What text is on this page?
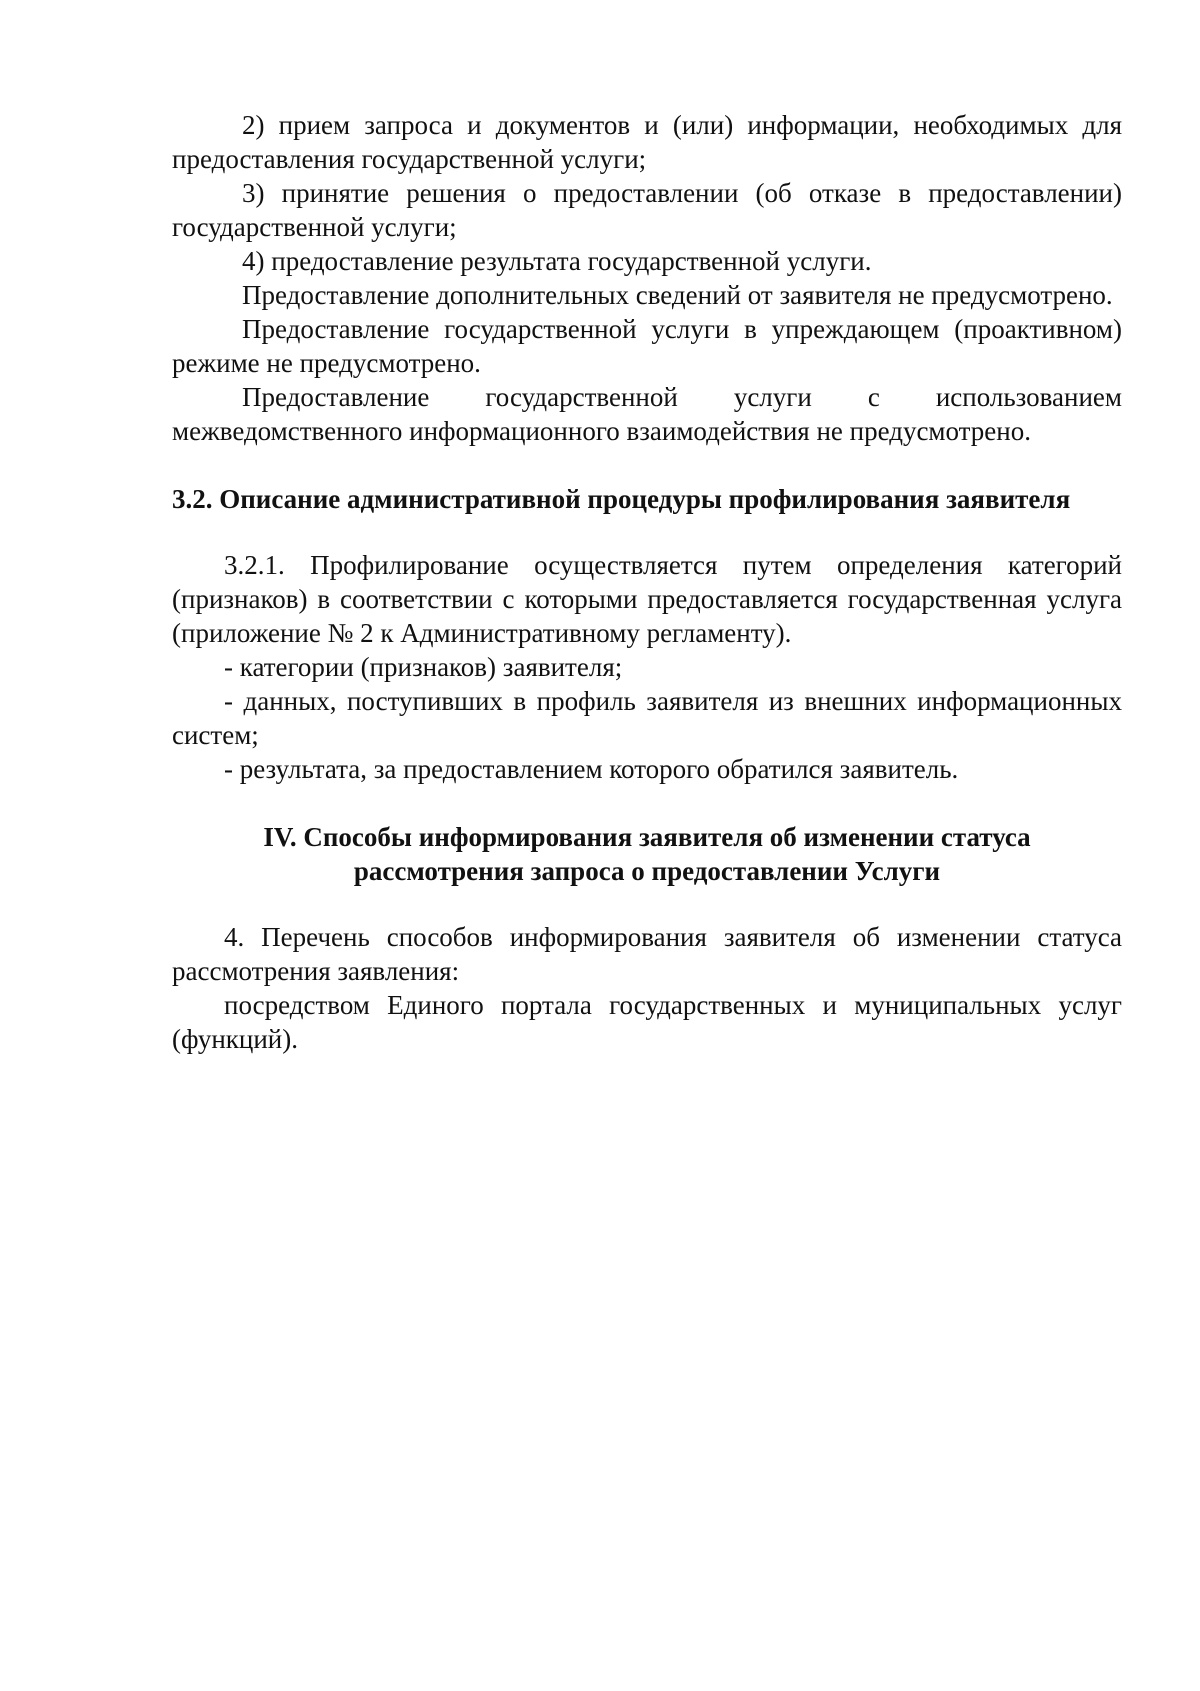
2) прием запроса и документов и (или) информации, необходимых для предоставления государственной услуги;

3) принятие решения о предоставлении (об отказе в предоставлении) государственной услуги;

4) предоставление результата государственной услуги.

Предоставление дополнительных сведений от заявителя не предусмотрено.

Предоставление государственной услуги в упреждающем (проактивном) режиме не предусмотрено.

Предоставление государственной услуги с использованием межведомственного информационного взаимодействия не предусмотрено.

3.2. Описание административной процедуры профилирования заявителя

3.2.1. Профилирование осуществляется путем определения категорий (признаков) в соответствии с которыми предоставляется государственная услуга (приложение № 2 к Административному регламенту).

- категории (признаков) заявителя;

- данных, поступивших в профиль заявителя из внешних информационных систем;

- результата, за предоставлением которого обратился заявитель.

IV. Способы информирования заявителя об изменении статуса
рассмотрения запроса о предоставлении Услуги

4. Перечень способов информирования заявителя об изменении статуса рассмотрения заявления:

посредством Единого портала государственных и муниципальных услуг (функций).
